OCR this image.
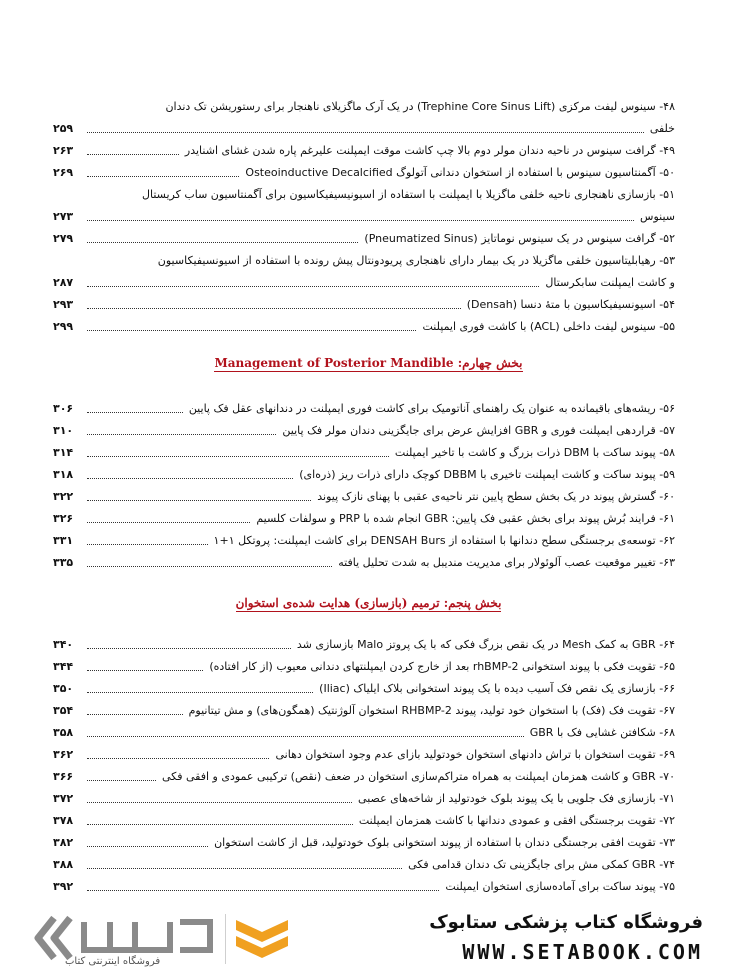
۴۸- سینوس لیفت مرکزی (Trephine Core Sinus Lift) در یک آرک ماگزیلای ناهنجار برای رستوریشن تک دندان
خلفی
۲۵۹
۴۹- گرافت سینوس در ناحیه دندان مولر دوم بالا چپ کاشت موقت ایمپلنت علیرغم پاره شدن غشای اشنایدر
۲۶۳
۵۰- آگمنتاسیون سینوس با استفاده از استخوان دندانی آتولوگ Osteoinductive Decalcified
۲۶۹
۵۱- بازسازی ناهنجاری ناحیه خلفی ماگزیلا با ایمپلنت با استفاده از اسیونیسیفیکاسیون برای آگمنتاسیون ساب کریستال
سینوس
۲۷۳
۵۲- گرافت سینوس در یک سینوس نوماتایز (Pneumatized Sinus)
۲۷۹
۵۳- رهیابلیتاسیون خلفی ماگزیلا در یک بیمار دارای ناهنجاری پریودونتال پیش رونده با استفاده از اسیونسیفیکاسیون
و کاشت ایمپلنت سابکرستال
۲۸۷
۵۴- اسیونسیفیکاسیون با متهٔ دنسا (Densah)
۲۹۳
۵۵- سینوس لیفت داخلی (ACL) با کاشت فوری ایمپلنت
۲۹۹
۵۶- ریشه‌های باقیمانده به عنوان یک راهنمای آناتومیک برای کاشت فوری ایمپلنت در دندانهای عقل فک پایین
۳۰۶
۵۷- قراردهی ایمپلنت فوری و GBR افزایش عرض برای جایگزینی دندان مولر فک پایین
۳۱۰
۵۸- پیوند ساکت با DBM ذرات بزرگ و کاشت با تاخیر ایمپلنت
۳۱۴
۵۹- پیوند ساکت و کاشت ایمپلنت تاخیری با DBBM کوچک دارای ذرات ریز (ذره‌ای)
۳۱۸
۶۰- گسترش پیوند در یک بخش سطح پایین نتر ناحیه‌ی عقبی با پهنای نازک پیوند
۳۲۲
۶۱- فرایند بُرش پیوند برای بخش عقبی فک پایین: GBR انجام شده با PRP و سولفات کلسیم
۳۲۶
۶۲- توسعه‌ی برجستگی سطح دندانها با استفاده از DENSAH Burs برای کاشت ایمپلنت: پروتکل ۱+۱
۳۳۱
۶۳- تغییر موقعیت عصب آلوئولار برای مدیریت مندیبل به شدت تحلیل یافته
۳۳۵
۶۴- GBR به کمک Mesh در یک نقص بزرگ فکی که با یک پروتز Malo بازسازی شد
۳۴۰
۶۵- تقویت فکی با پیوند استخوانی rhBMP-2 بعد از خارج کردن ایمپلنتهای دندانی معیوب (از کار افتاده)
۳۴۴
۶۶- بازسازی یک نقص فک آسیب دیده با یک پیوند استخوانی بلاک ایلیاک (Iliac)
۳۵۰
۶۷- تقویت فک (فک) با استخوان خود تولید، پیوند RHBMP-2 استخوان آلوژنتیک (همگون‌های) و مش تیتانیوم
۳۵۴
۶۸- شکافتن غشایی فک با GBR
۳۵۸
۶۹- تقویت استخوان با تراش دادنهای استخوان خودتولید بازای عدم وجود استخوان دهانی
۳۶۲
۷۰- GBR و کاشت همزمان ایمپلنت به همراه متراکم‌سازی استخوان در ضعف (نقص) ترکیبی عمودی و افقی فکی
۳۶۶
۷۱- بازسازی فک جلویی با یک پیوند بلوک خودتولید از شاخه‌های عصبی
۳۷۲
۷۲- تقویت برجستگی افقی و عمودی دندانها با کاشت همزمان ایمپلنت
۳۷۸
۷۳- تقویت افقی برجستگی دندان با استفاده از پیوند استخوانی بلوک خودتولید، قبل از کاشت استخوان
۳۸۲
۷۴- GBR کمکی مش برای جایگزینی تک دندان قدامی فکی
۳۸۸
۷۵- پیوند ساکت برای آماده‌سازی استخوان ایمپلنت
۳۹۲
بخش چهارم: Management of Posterior Mandible
بخش پنجم: ترمیم (بازسازی) هدایت شده‌ی استخوان
فروشگاه اینترنتی کتاب
فروشگاه کتاب پزشکی ستابوک
WWW.SETABOOK.COM
